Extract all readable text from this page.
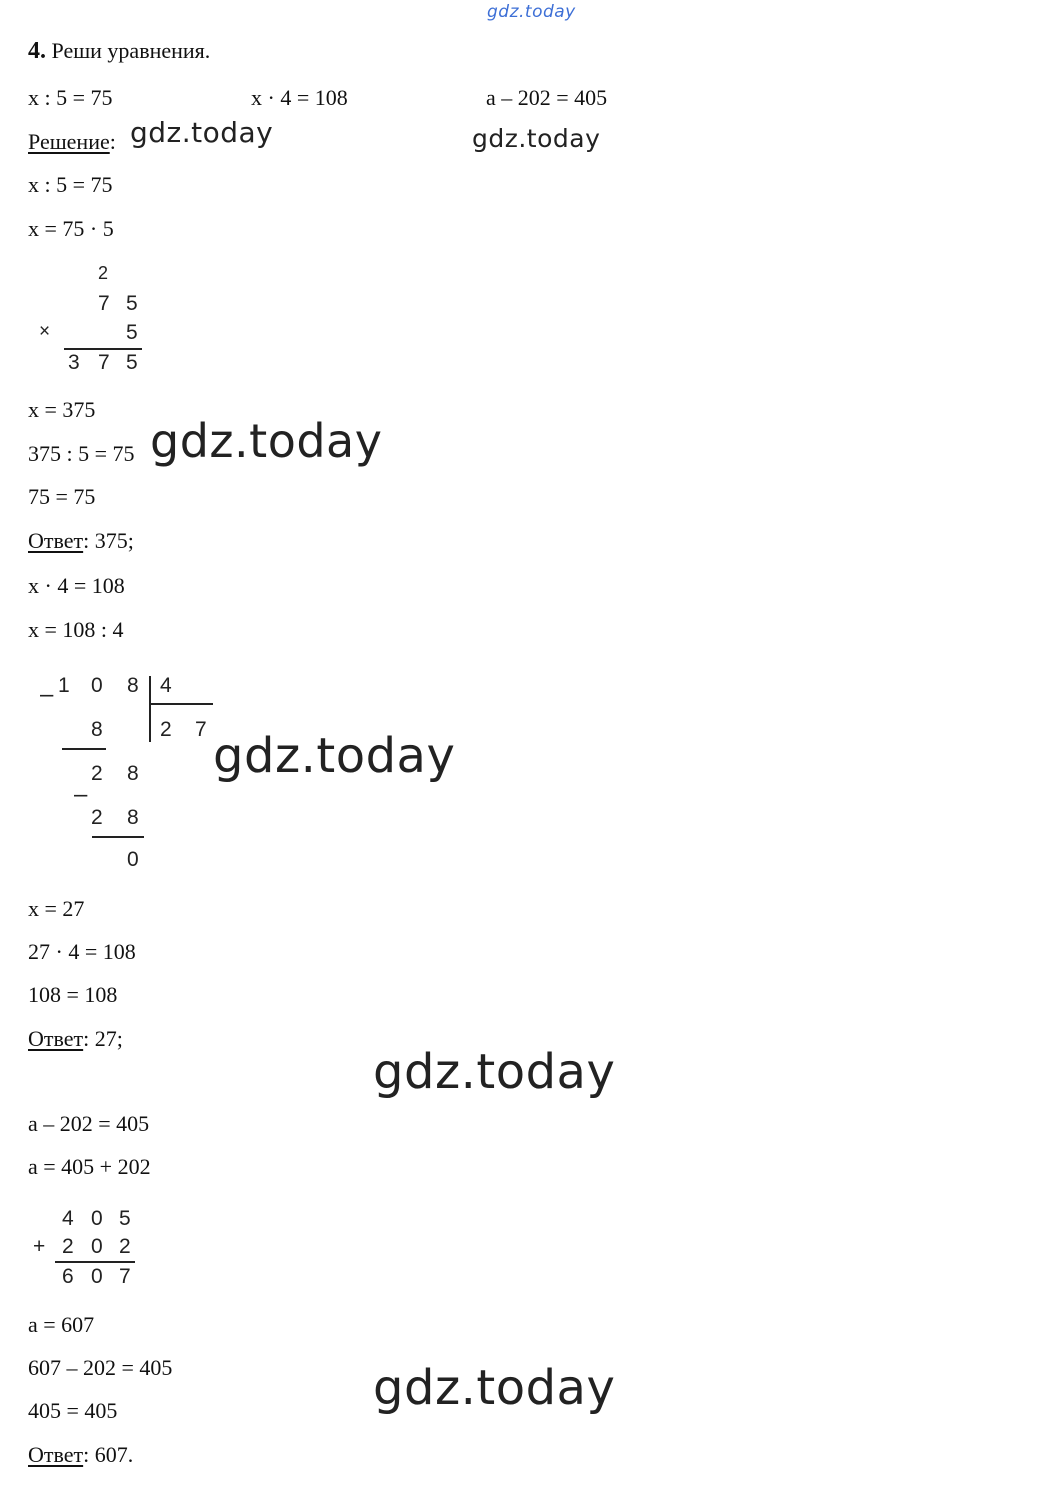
gdz.today
4. Реши уравнения.
x : 5 = 75	x · 4 = 108	a – 202 = 405
Решение: gdz.today	gdz.today
x : 5 = 75
x = 75 · 5
2
7 5
×	5
3 7 5
x = 375
375 : 5 = 75 gdz.today
75 = 75
Ответ: 375;
x · 4 = 108
x = 108 : 4
– 1 0 8 4
2 7
8
2 8
–
2 8
0
gdz.today
x = 27
27 · 4 = 108
108 = 108
Ответ: 27;
gdz.today
a – 202 = 405
a = 405 + 202
4 0 5
+ 2 0 2
6 0 7
a = 607
607 – 202 = 405
405 = 405
Ответ: 607.
gdz.today
